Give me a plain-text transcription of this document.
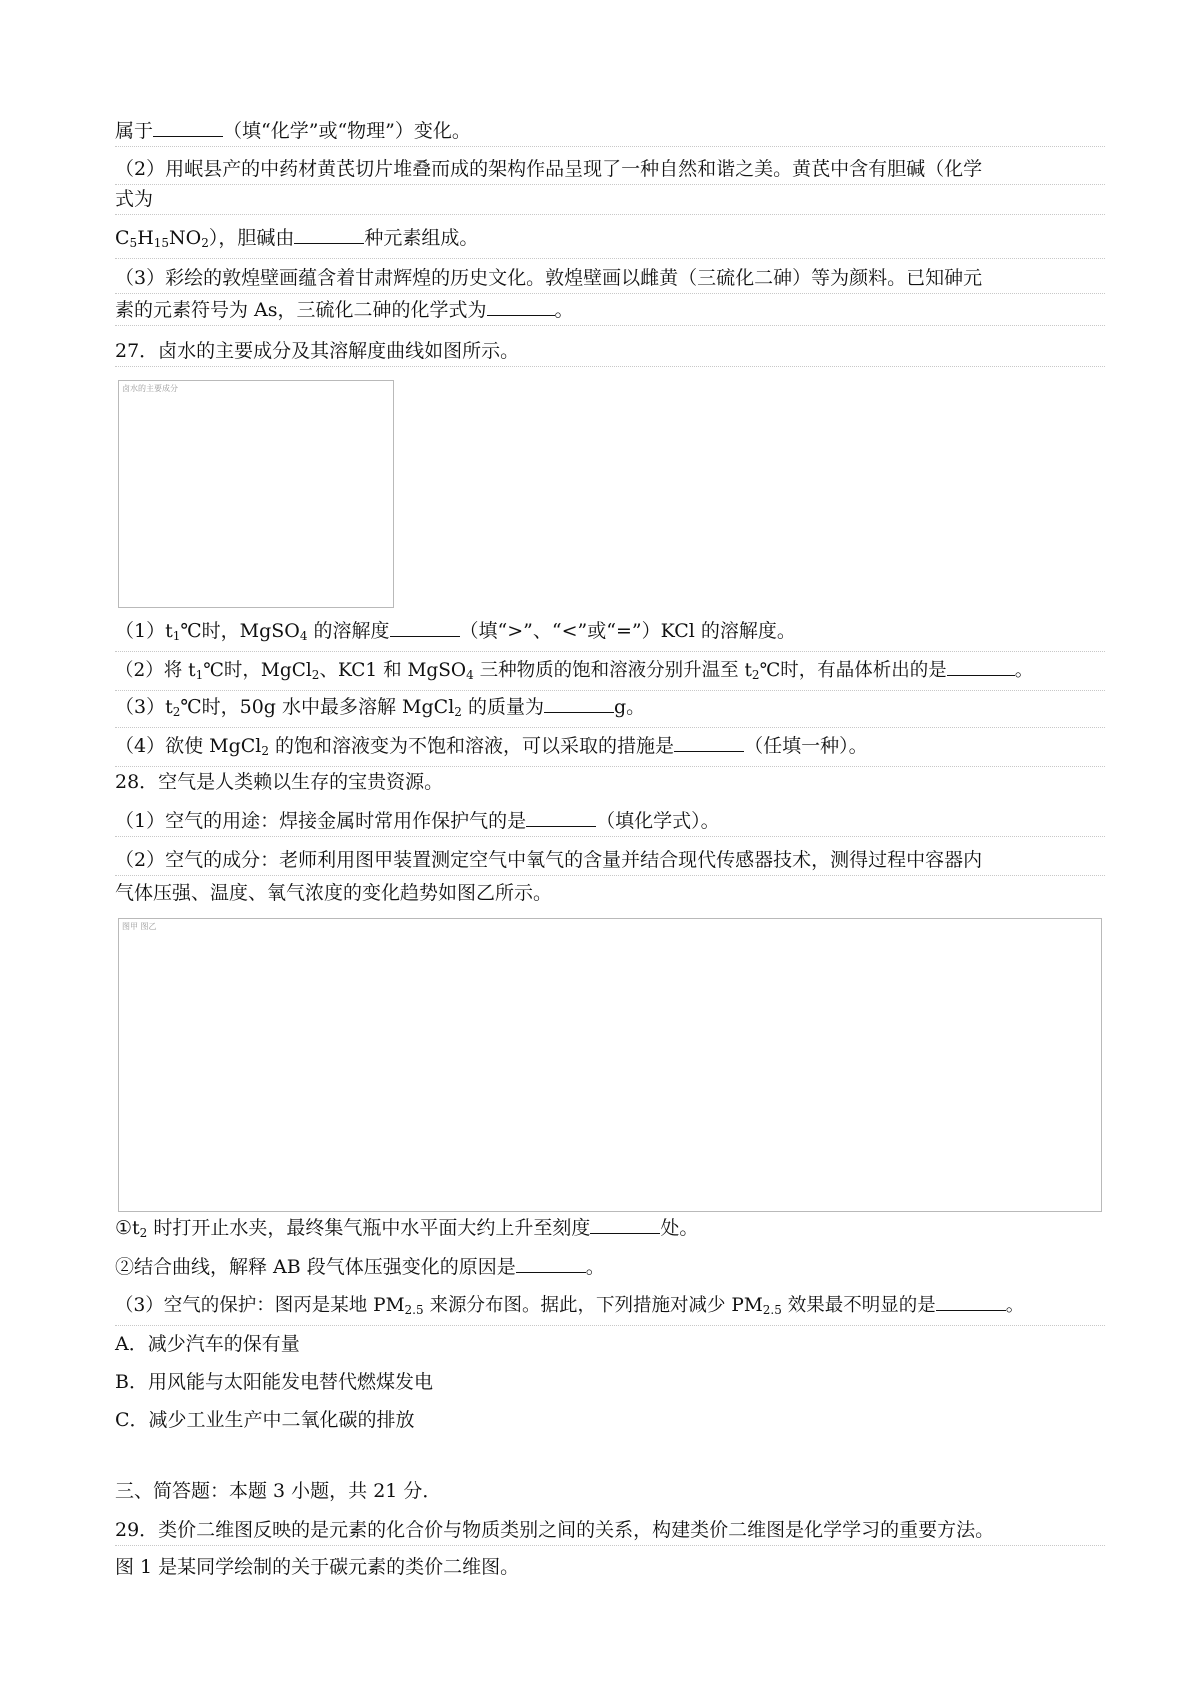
属于	（填“化学”或“物理”）变化。
（2）用岷县产的中药材黄芪切片堆叠而成的架构作品呈现了一种自然和谐之美。黄芪中含有胆碱（化学
式为
$C_5H_{15}NO_2$），胆碱由	种元素组成。
（3）彩绘的敦煌壁画蕴含着甘肃辉煌的历史文化。敦煌壁画以雌黄（三硫化二砷）等为颜料。已知砷元
素的元素符号为 As，三硫化二砷的化学式为	。
27．卤水的主要成分及其溶解度曲线如图所示。
卤水的主要成分
$(1)t_1℃$时，MgSO$_4$ 的溶解度	（填“>”、“<”或“=”）KCl 的溶解度。
（2）将 $t_1℃$时，MgCl$_2$、KC1 和 MgSO$_4$ 三种物质的饱和溶液分别升温至 $t_2℃$时，有晶体析出的是	。
$(3)t_2℃$时，50g 水中最多溶解 MgCl$_2$ 的质量为	g。
（4）欲使 MgCl$_2$ 的饱和溶液变为不饱和溶液，可以采取的措施是	（任填一种）。
28．空气是人类赖以生存的宝贵资源。
（1）空气的用途：焊接金属时常用作保护气的是	（填化学式）。
（2）空气的成分：老师利用图甲装置测定空气中氧气的含量并结合现代传感器技术，测得过程中容器内
气体压强、温度、氧气浓度的变化趋势如图乙所示。
图甲 图乙
$①t_2$ 时打开止水夹，最终集气瓶中水平面大约上升至刻度	处。
②结合曲线，解释 AB 段气体压强变化的原因是	。
（3）空气的保护：图丙是某地 $PM_{2.5}$ 来源分布图。据此，下列措施对减少 $PM_{2.5}$ 效果最不明显的是	。
A．减少汽车的保有量
B．用风能与太阳能发电替代燃煤发电
C．减少工业生产中二氧化碳的排放
三、简答题：本题 3 小题，共 21 分．
29．类价二维图反映的是元素的化合价与物质类别之间的关系，构建类价二维图是化学学习的重要方法。
图 1 是某同学绘制的关于碳元素的类价二维图。
